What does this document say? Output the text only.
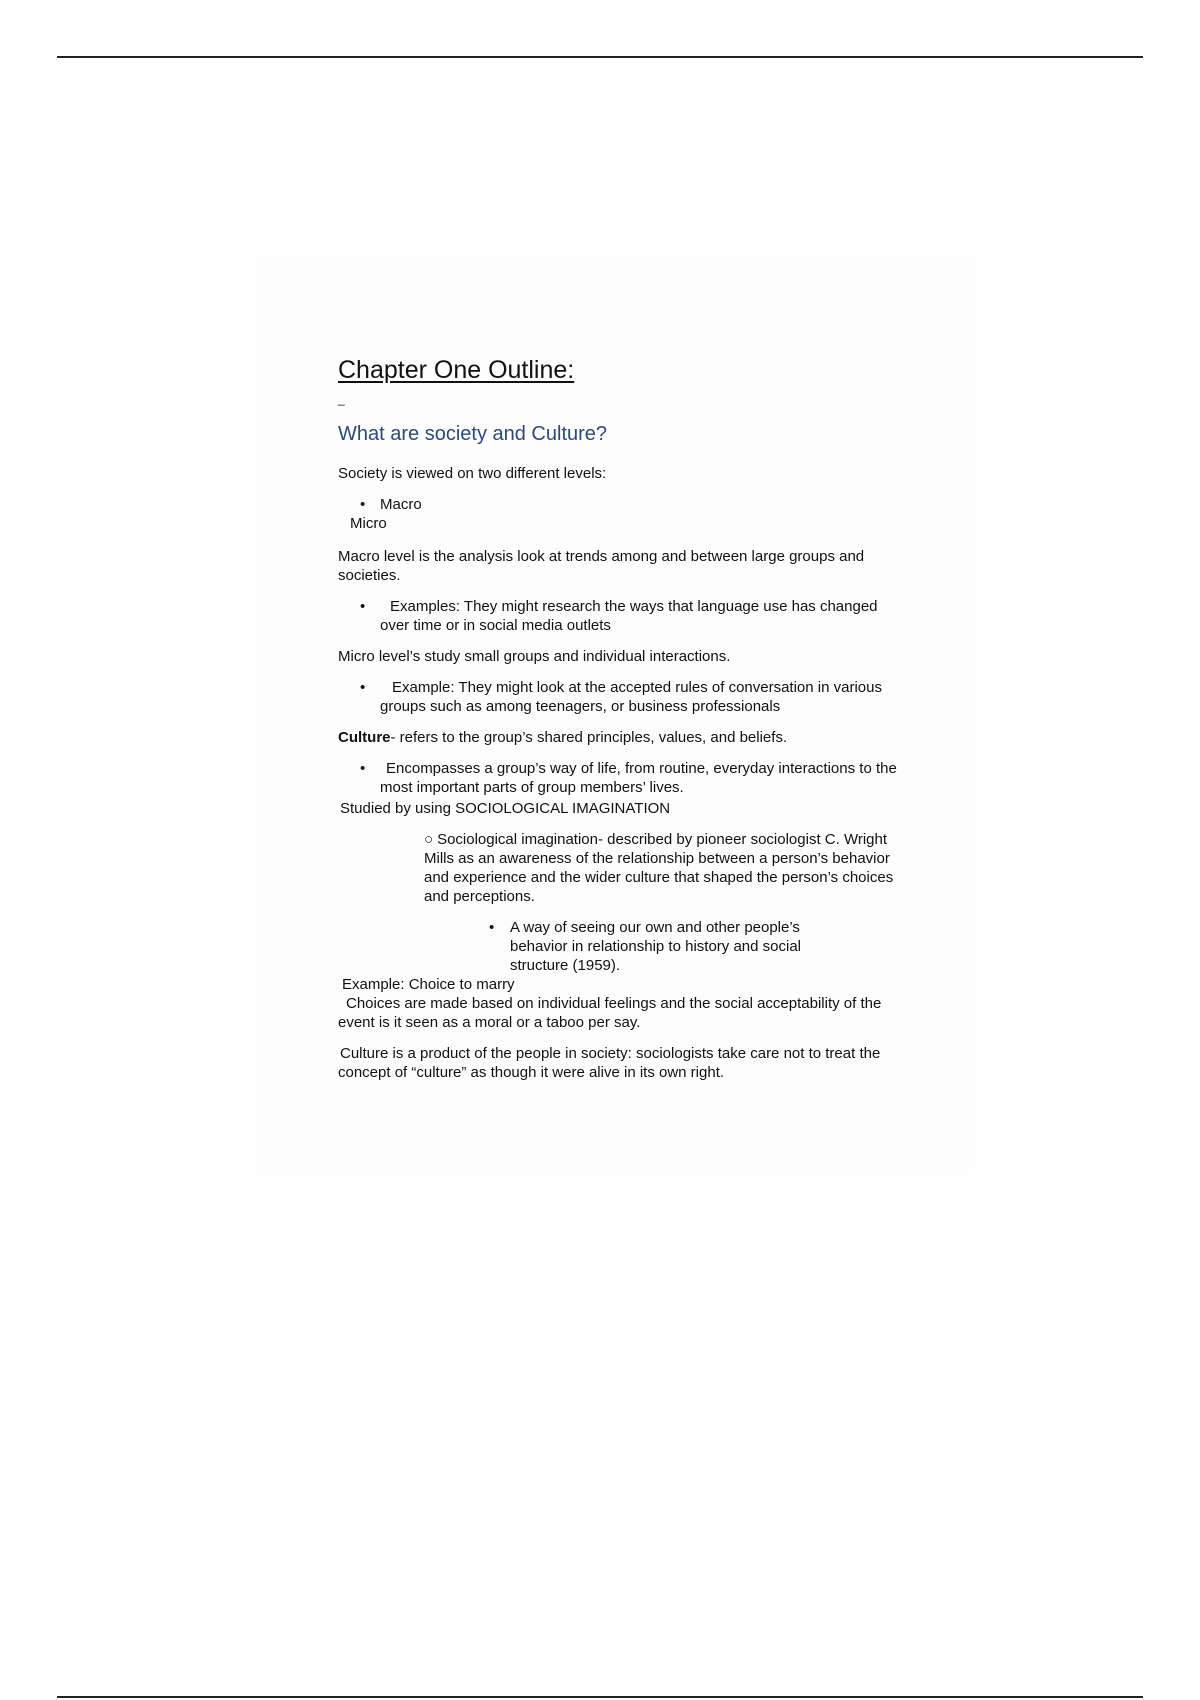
Chapter One Outline:
_
What are society and Culture?
Society is viewed on two different levels:
• Macro
Micro
Macro level is the analysis look at trends among and between large groups and societies.
• Examples: They might research the ways that language use has changed over time or in social media outlets
Micro level’s study small groups and individual interactions.
• Example: They might look at the accepted rules of conversation in various groups such as among teenagers, or business professionals
Culture- refers to the group’s shared principles, values, and beliefs.
• Encompasses a group’s way of life, from routine, everyday interactions to the most important parts of group members’ lives.
Studied by using SOCIOLOGICAL IMAGINATION
○ Sociological imagination- described by pioneer sociologist C. Wright Mills as an awareness of the relationship between a person’s behavior and experience and the wider culture that shaped the person’s choices and perceptions.
• A way of seeing our own and other people’s behavior in relationship to history and social structure (1959).
Example: Choice to marry
Choices are made based on individual feelings and the social acceptability of the event is it seen as a moral or a taboo per say.
Culture is a product of the people in society: sociologists take care not to treat the concept of “culture” as though it were alive in its own right.
